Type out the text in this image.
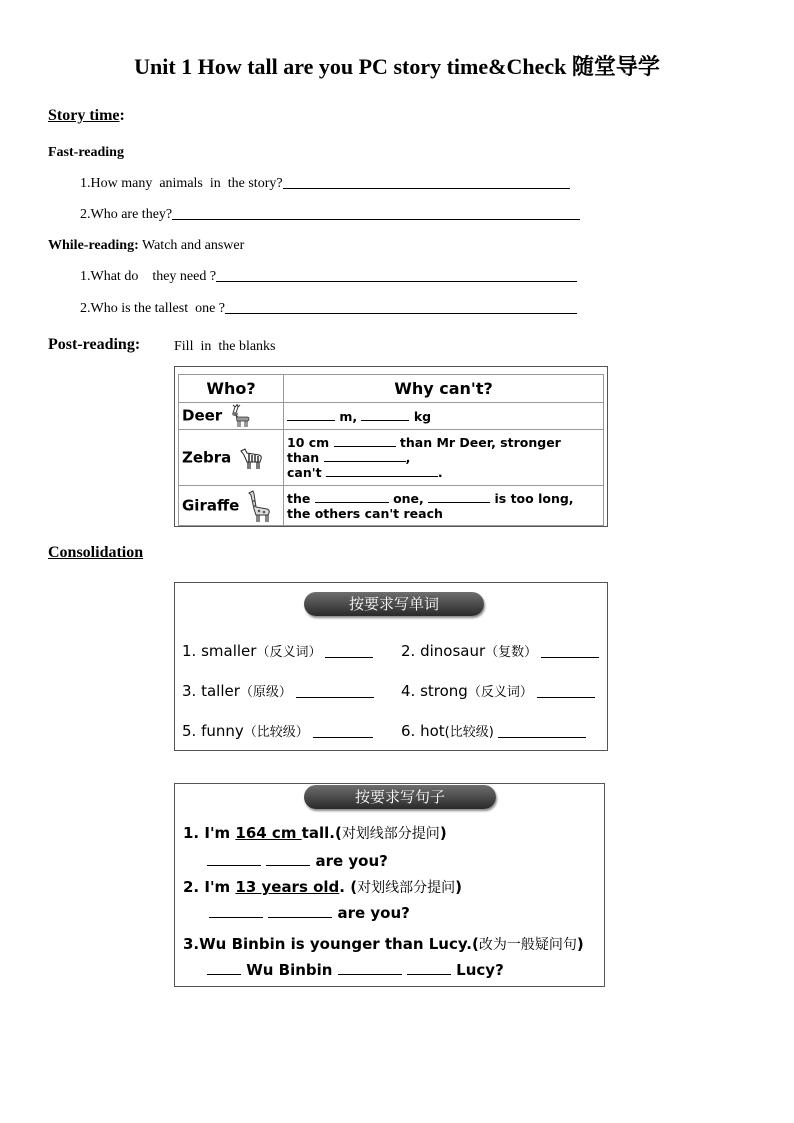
Unit 1 How tall are you PC story time&Check 随堂导学
Story time:
Fast-reading
1.How many  animals  in  the story?
2.Who are they?
While-reading: Watch and answer
1.What do    they need ?
2.Who is the tallest  one ?
Post-reading: Fill  in  the blanks
Who?	Why can't?
Deer	m, kg
Zebra	10 cm than Mr Deer, stronger
than ,
can't .

Giraffe	the one, is too long,
the others can't reach
Consolidation
按要求写单词
1. smaller （反义词）	2. dinosaur （复数）
3. taller （原级）	4. strong （反义词）
5. funny （比较级）	6. hot (比较级)
按要求写句子
1. I'm 164 cm tall.(对划线部分提问)
are you?
2. I'm 13 years old. (对划线部分提问)
are you?
3.Wu Binbin is younger than Lucy.(改为一般疑问句)
Wu Binbin	Lucy?
